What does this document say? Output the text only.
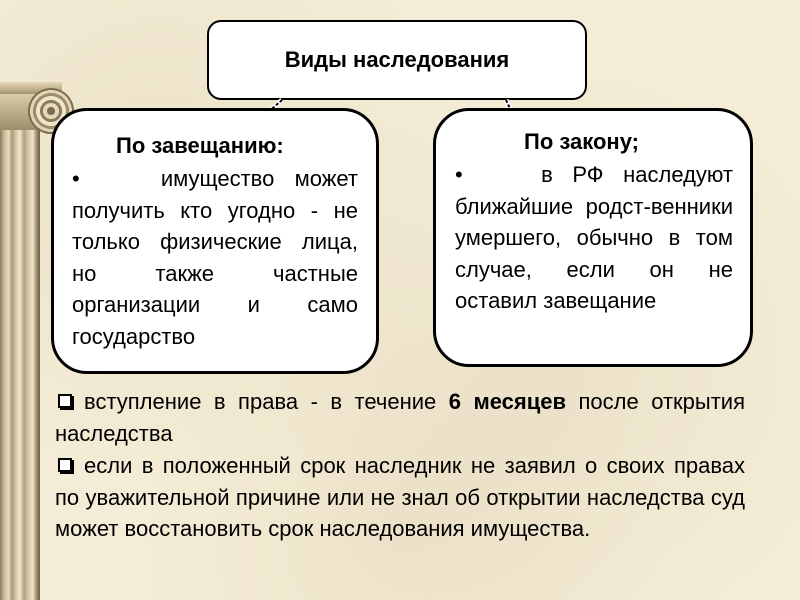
Виды наследования
По завещанию:
•	имущество может получить кто угодно - не только физические лица, но также частные организации и само государство
По закону;
•	в РФ наследуют ближайшие родст-венники умершего, обычно в том случае, если он не оставил завещание
вступление в права - в течение 6 месяцев после открытия наследства
если в положенный срок наследник не заявил о своих правах по уважительной причине или не знал об открытии наследства суд может восстановить срок наследования имущества.
